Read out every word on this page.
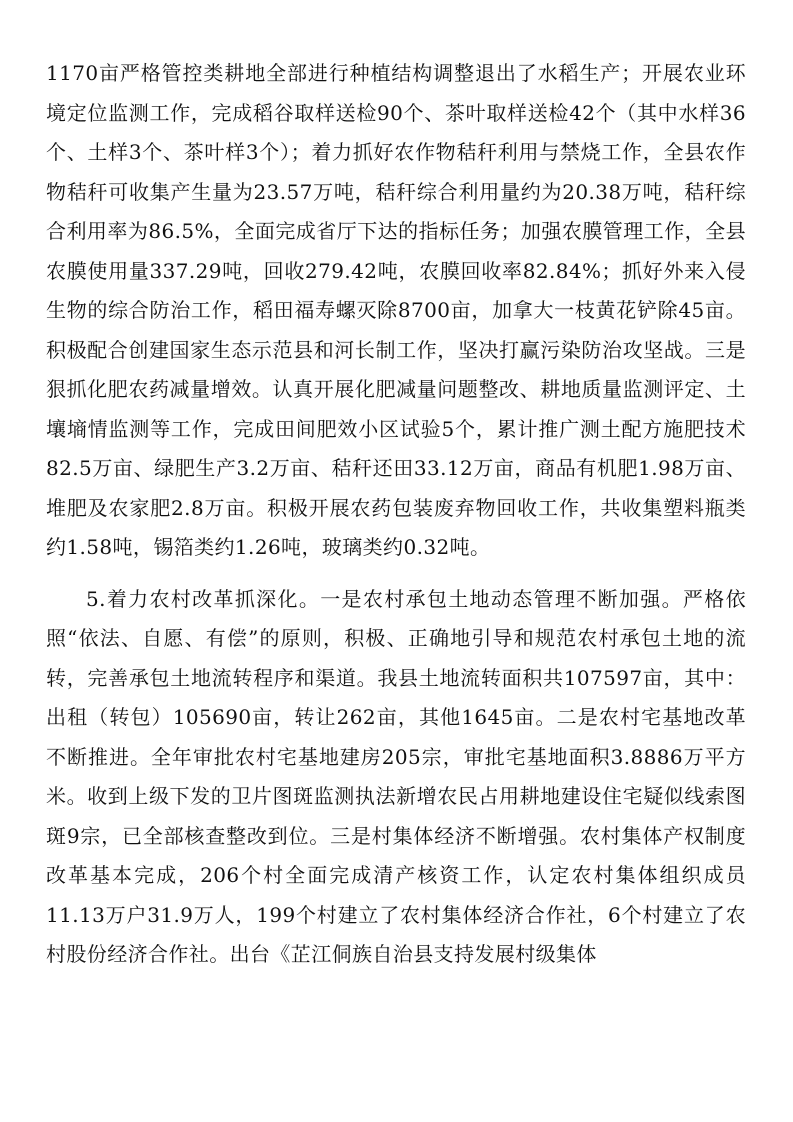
1170亩严格管控类耕地全部进行种植结构调整退出了水稻生产；开展农业环境定位监测工作，完成稻谷取样送检90个、茶叶取样送检42个（其中水样36个、土样3个、茶叶样3个）；着力抓好农作物秸秆利用与禁烧工作，全县农作物秸秆可收集产生量为23.57万吨，秸秆综合利用量约为20.38万吨，秸秆综合利用率为86.5%，全面完成省厅下达的指标任务；加强农膜管理工作，全县农膜使用量337.29吨，回收279.42吨，农膜回收率82.84%；抓好外来入侵生物的综合防治工作，稻田福寿螺灭除8700亩，加拿大一枝黄花铲除45亩。积极配合创建国家生态示范县和河长制工作，坚决打赢污染防治攻坚战。三是狠抓化肥农药减量增效。认真开展化肥减量问题整改、耕地质量监测评定、土壤墒情监测等工作，完成田间肥效小区试验5个，累计推广测土配方施肥技术82.5万亩、绿肥生产3.2万亩、秸秆还田33.12万亩，商品有机肥1.98万亩、堆肥及农家肥2.8万亩。积极开展农药包装废弃物回收工作，共收集塑料瓶类约1.58吨，锡箔类约1.26吨，玻璃类约0.32吨。

5.着力农村改革抓深化。一是农村承包土地动态管理不断加强。严格依照“依法、自愿、有偿”的原则，积极、正确地引导和规范农村承包土地的流转，完善承包土地流转程序和渠道。我县土地流转面积共107597亩，其中：出租（转包）105690亩，转让262亩，其他1645亩。二是农村宅基地改革不断推进。全年审批农村宅基地建房205宗，审批宅基地面积3.8886万平方米。收到上级下发的卫片图斑监测执法新增农民占用耕地建设住宅疑似线索图斑9宗，已全部核查整改到位。三是村集体经济不断增强。农村集体产权制度改革基本完成，206个村全面完成清产核资工作，认定农村集体组织成员11.13万户31.9万人，199个村建立了农村集体经济合作社，6个村建立了农村股份经济合作社。出台《芷江侗族自治县支持发展村级集体
